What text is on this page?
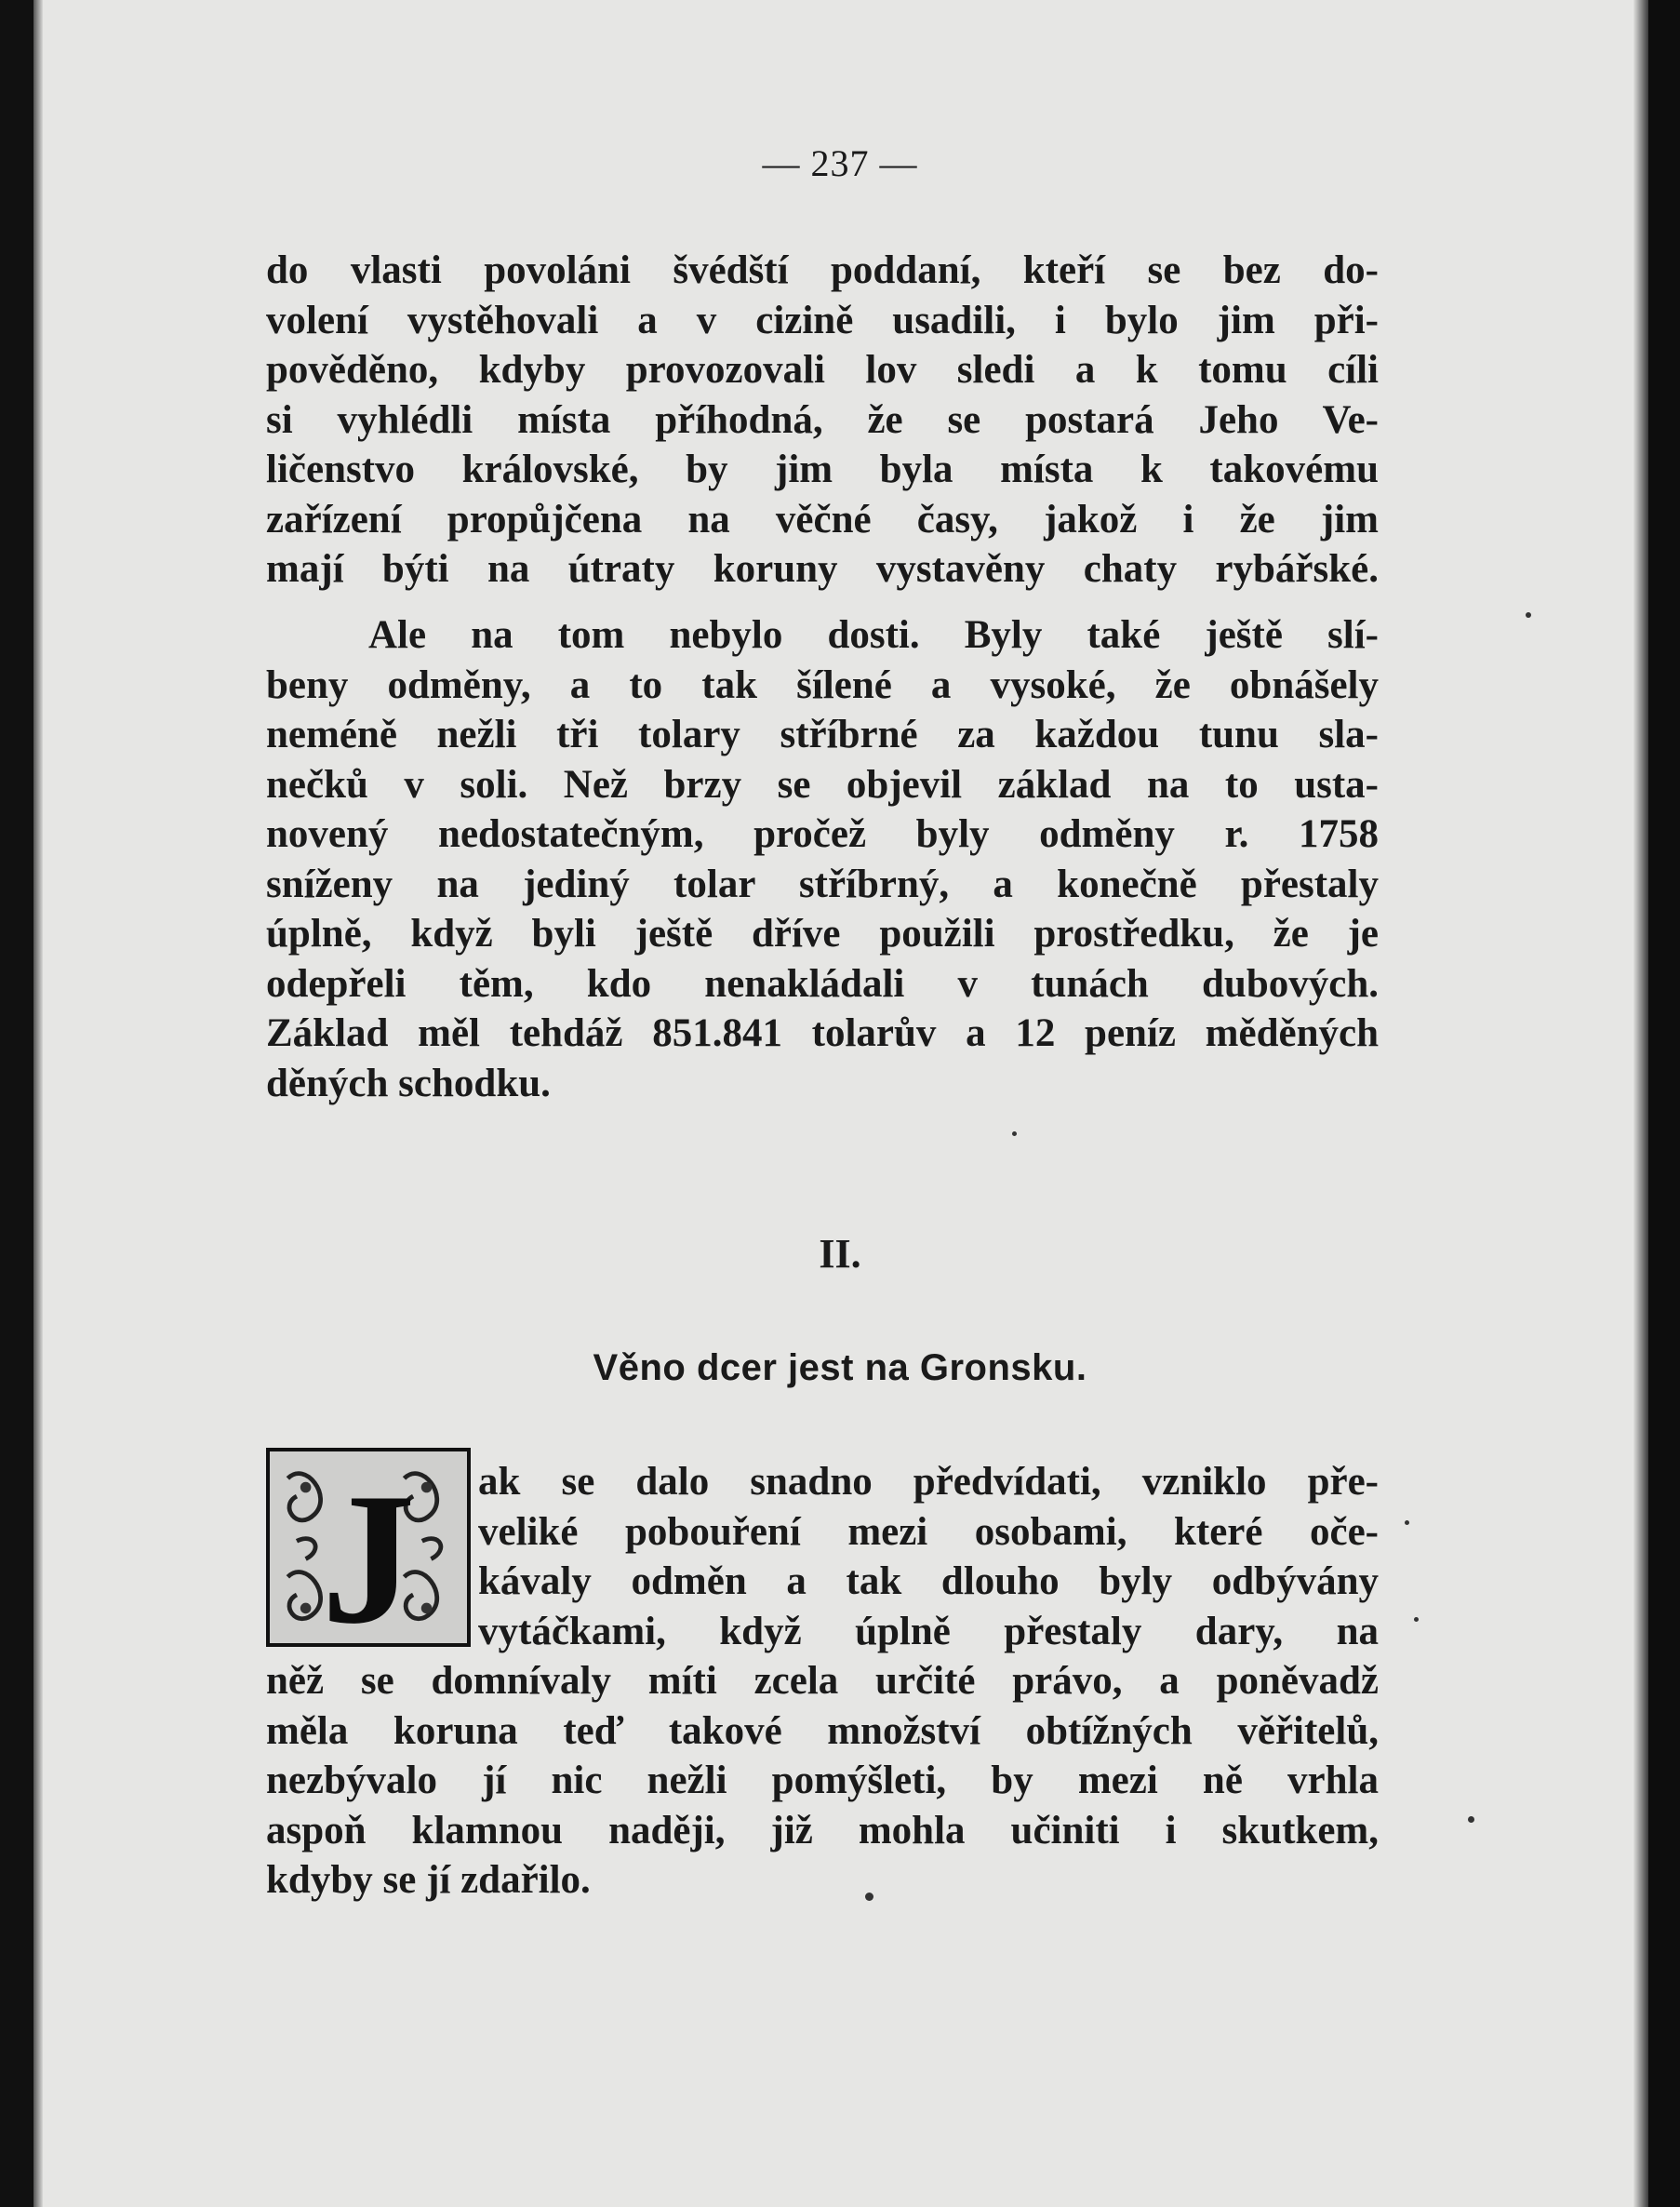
— 237 —
do vlasti povoláni švédští poddaní, kteří se bez do-
volení vystěhovali a v cizině usadili, i bylo jim při-
pověděno, kdyby provozovali lov sledi a k tomu cíli
si vyhlédli místa příhodná, že se postará Jeho Ve-
ličenstvo královské, by jim byla místa k takovému
zařízení propůjčena na věčné časy, jakož i že jim
mají býti na útraty koruny vystavěny chaty rybářské.
Ale na tom nebylo dosti. Byly také ještě slí-
beny odměny, a to tak šílené a vysoké, že obnášely
neméně nežli tři tolary stříbrné za každou tunu sla-
nečků v soli. Než brzy se objevil základ na to usta-
novený nedostatečným, pročež byly odměny r. 1758
sníženy na jediný tolar stříbrný, a konečně přestaly
úplně, když byli ještě dříve použili prostředku, že je
odepřeli těm, kdo nenakládali v tunách dubových.
Základ měl tehdáž 851.841 tolarův a 12 peníz měděných
děných schodku.
II.
Věno dcer jest na Gronsku.
J	ak se dalo snadno předvídati, vzniklo pře-
veliké pobouření mezi osobami, které oče-
kávaly odměn a tak dlouho byly odbývány
vytáčkami, když úplně přestaly dary, na
něž se domnívaly míti zcela určité právo, a poněvadž
měla koruna teď takové množství obtížných věřitelů,
nezbývalo jí nic nežli pomýšleti, by mezi ně vrhla
aspoň klamnou naději, již mohla učiniti i skutkem,
kdyby se jí zdařilo.
